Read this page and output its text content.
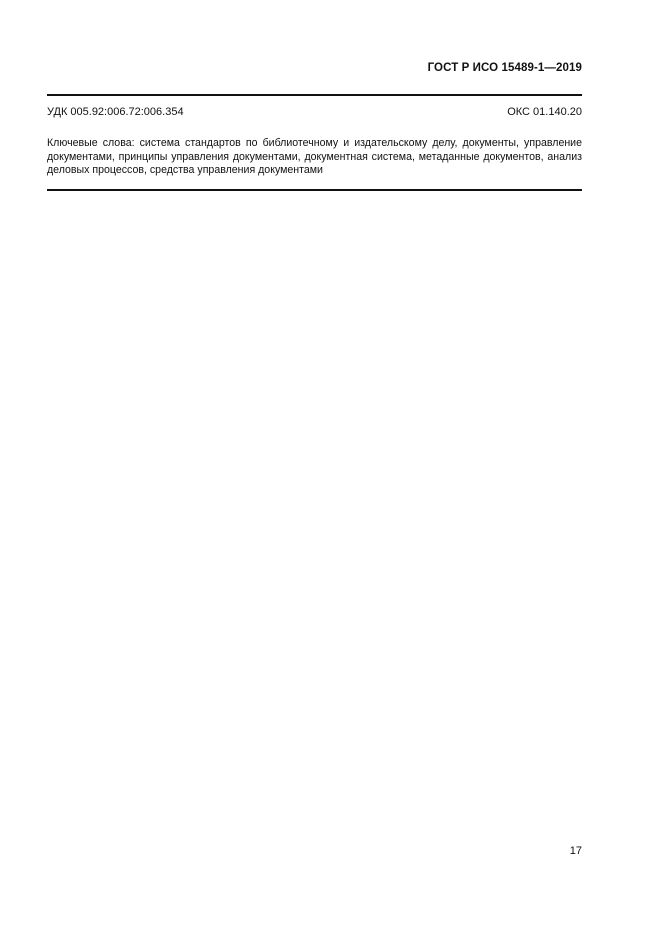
ГОСТ Р ИСО 15489-1—2019
УДК 005.92:006.72:006.354	ОКС 01.140.20

Ключевые слова: система стандартов по библиотечному и издательскому делу, документы, управление документами, принципы управления документами, документная система, метаданные документов, анализ деловых процессов, средства управления документами

17
